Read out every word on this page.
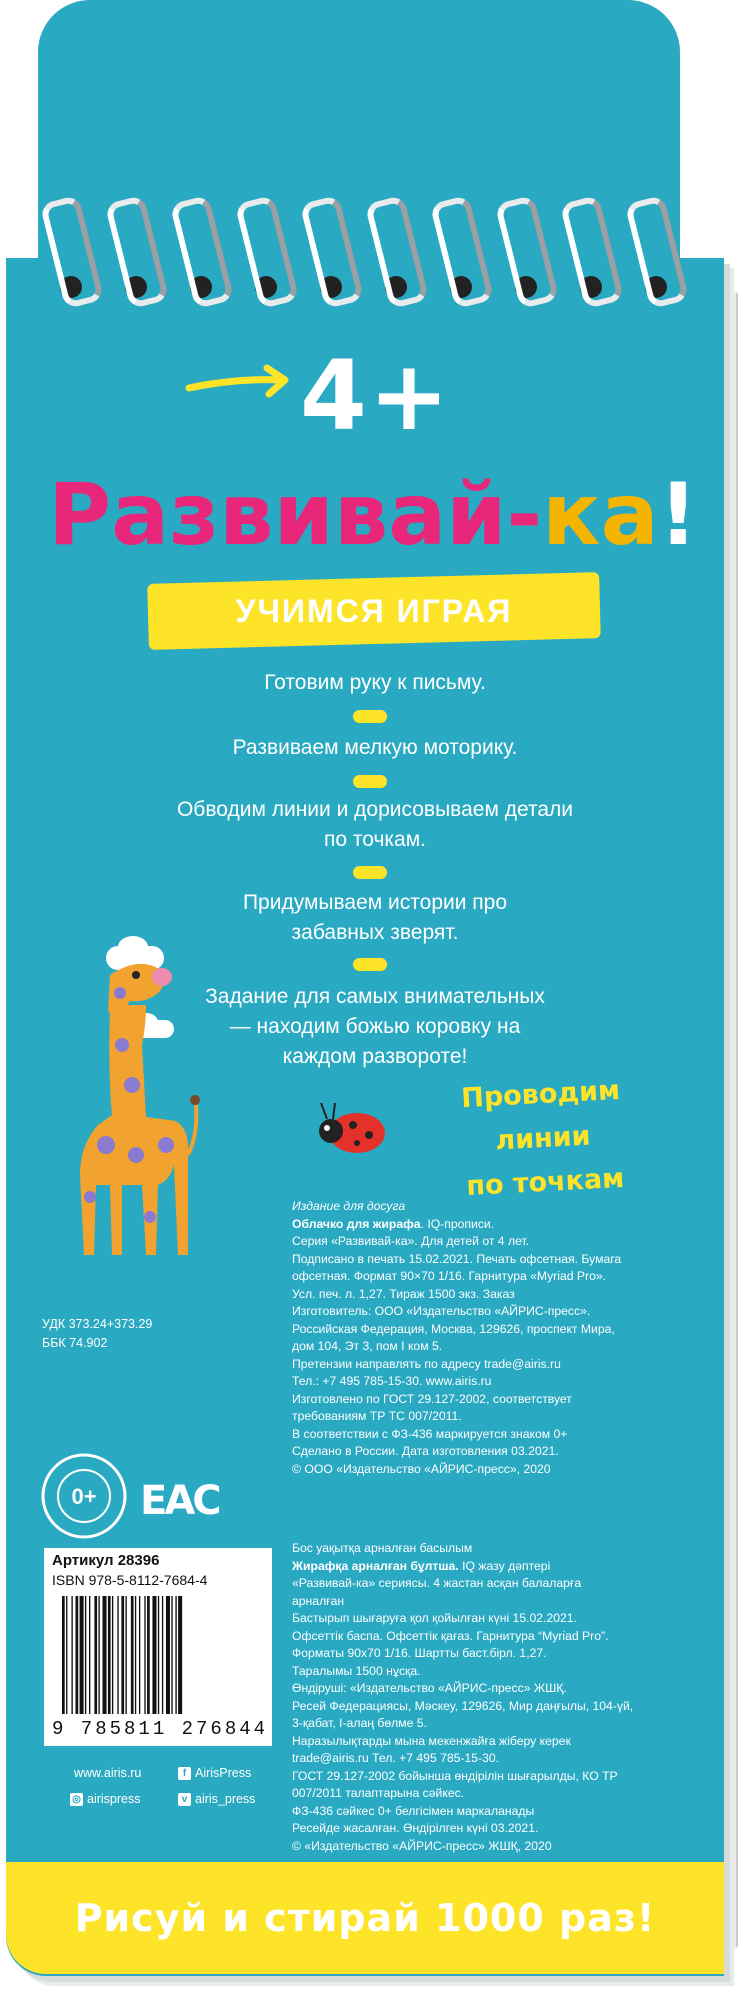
4+
Развивай-ка!
УЧИМСЯ ИГРАЯ
Готовим руку к письму.
Развиваем мелкую моторику.
Обводим линии и дорисовываем детали по точкам.
Придумываем истории про забавных зверят.
Задание для самых внимательных — находим божью коровку на каждом развороте!
Проводим
линии
по точкам
Издание для досуга
Облачко для жирафа. IQ-прописи.
Серия «Развивай-ка». Для детей от 4 лет.
Подписано в печать 15.02.2021. Печать офсетная. Бумага
офсетная. Формат 90×70 1/16. Гарнитура «Myriad Pro».
Усл. печ. л. 1,27. Тираж 1500 экз. Заказ
Изготовитель: ООО «Издательство «АЙРИС-пресс».
Российская Федерация, Москва, 129626, проспект Мира,
дом 104, Эт 3, пом I ком 5.
Претензии направлять по адресу trade@airis.ru
Тел.: +7 495 785-15-30. www.airis.ru
Изготовлено по ГОСТ 29.127-2002, соответствует
требованиям ТР ТС 007/2011.
В соответствии с ФЗ-436 маркируется знаком 0+
Сделано в России. Дата изготовления 03.2021.
© ООО «Издательство «АЙРИС-пресс», 2020
УДК 373.24+373.29
ББК 74.902
0+ EAC
Артикул 28396
ISBN 978-5-8112-7684-4
9 785811 276844
Бос уақытқа арналған басылым
Жирафқа арналған бұлтша. IQ жазу дәптері
«Развивай-ка» сериясы. 4 жастан асқан балаларға
арналған
Бастырып шығаруға қол қойылған күні 15.02.2021.
Офсеттік баспа. Офсеттік қағаз. Гарнитура “Myriad Pro”.
Форматы 90х70 1/16. Шартты баст.бірл. 1,27.
Таралымы 1500 нұсқа.
Өндіруші: «Издательство «АЙРИС-пресс» ЖШҚ.
Ресей Федерациясы, Мәскеу, 129626, Мир даңғылы, 104-үй,
3-қабат, I-алаң бөлме 5.
Наразылықтарды мына мекенжайға жіберу керек
trade@airis.ru Тел. +7 495 785-15-30.
ГОСТ 29.127-2002 бойынша өндірілін шығарылды, КО ТР
007/2011 талаптарына сәйкес.
ФЗ-436 сәйкес 0+ белгісімен маркаланады
Ресейде жасалған. Өндірілген күні 03.2021.
© «Издательство «АЙРИС-пресс» ЖШҚ, 2020
www.airis.ru	f AirisPress
◎ airispress	v airis_press
Рисуй и стирай 1000 раз!
